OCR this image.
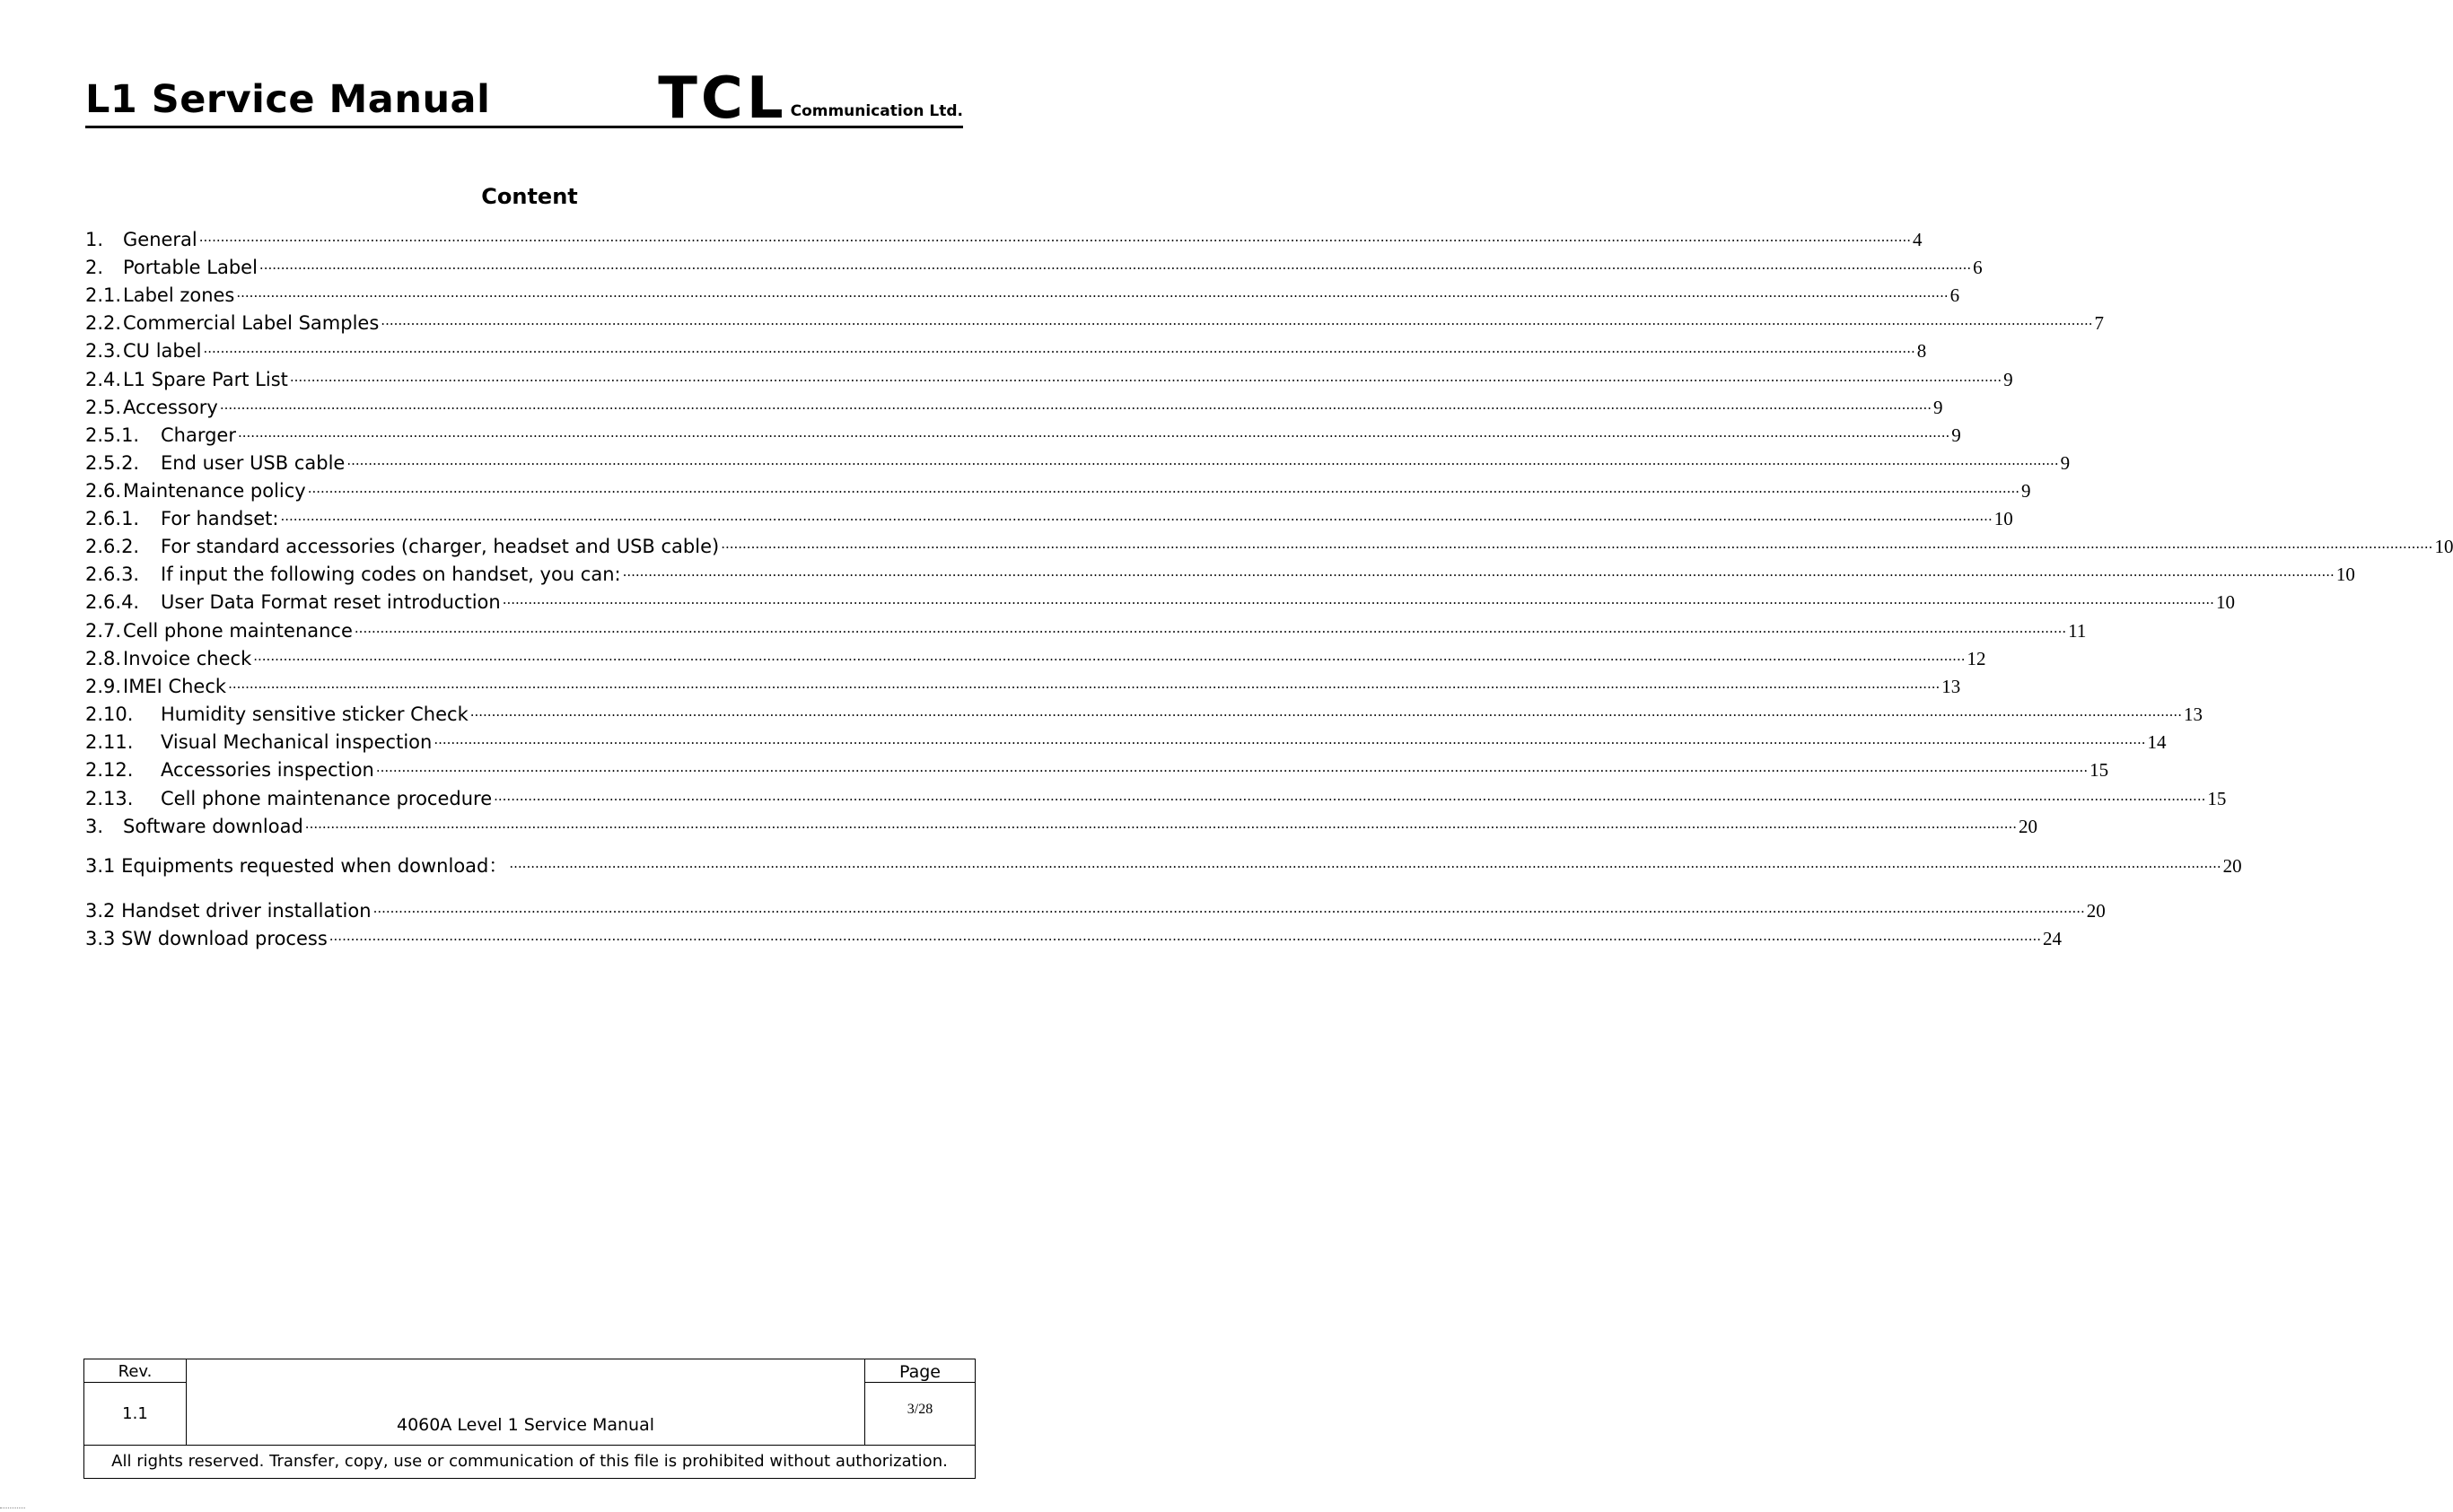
L1 Service Manual	TCL Communication Ltd.
Content
1.	General ................................................................................................................................................................................................................................................................................................................................................................................................................ 4
2.	Portable Label ................................................................................................................................................................................................................................................................................................................................................................................................................ 6
2.1. Label zones ................................................................................................................................................................................................................................................................................................................................................................................................................ 6
2.2. Commercial Label Samples ................................................................................................................................................................................................................................................................................................................................................................................................................ 7
2.3. CU label ................................................................................................................................................................................................................................................................................................................................................................................................................ 8
2.4. L1 Spare Part List ................................................................................................................................................................................................................................................................................................................................................................................................................ 9
2.5. Accessory ................................................................................................................................................................................................................................................................................................................................................................................................................ 9
2.5.1.	Charger ................................................................................................................................................................................................................................................................................................................................................................................................................ 9
2.5.2.	End user USB cable ................................................................................................................................................................................................................................................................................................................................................................................................................ 9
2.6. Maintenance policy ................................................................................................................................................................................................................................................................................................................................................................................................................ 9
2.6.1.	For handset: ................................................................................................................................................................................................................................................................................................................................................................................................................ 10
2.6.2.	For standard accessories (charger, headset and USB cable) ................................................................................................................................................................................................................................................................................................................................................................................................................ 10
2.6.3.	If input the following codes on handset, you can: ................................................................................................................................................................................................................................................................................................................................................................................................................ 10
2.6.4.	User Data Format reset introduction ................................................................................................................................................................................................................................................................................................................................................................................................................ 10
2.7. Cell phone maintenance ................................................................................................................................................................................................................................................................................................................................................................................................................ 11
2.8. Invoice check ................................................................................................................................................................................................................................................................................................................................................................................................................ 12
2.9. IMEI Check ................................................................................................................................................................................................................................................................................................................................................................................................................ 13
2.10.	Humidity sensitive sticker Check ................................................................................................................................................................................................................................................................................................................................................................................................................ 13
2.11.	Visual Mechanical inspection ................................................................................................................................................................................................................................................................................................................................................................................................................ 14
2.12.	Accessories inspection ................................................................................................................................................................................................................................................................................................................................................................................................................ 15
2.13.	Cell phone maintenance procedure ................................................................................................................................................................................................................................................................................................................................................................................................................ 15
3.	Software download ................................................................................................................................................................................................................................................................................................................................................................................................................ 20
3.1 Equipments requested when download： ................................................................................................................................................................................................................................................................................................................................................................................................................ 20
3.2 Handset driver installation ................................................................................................................................................................................................................................................................................................................................................................................................................ 20
3.3 SW download process ................................................................................................................................................................................................................................................................................................................................................................................................................ 24
Rev.
1.1
4060A Level 1 Service Manual
Page
3/28
All rights reserved. Transfer, copy, use or communication of this file is prohibited without authorization.
